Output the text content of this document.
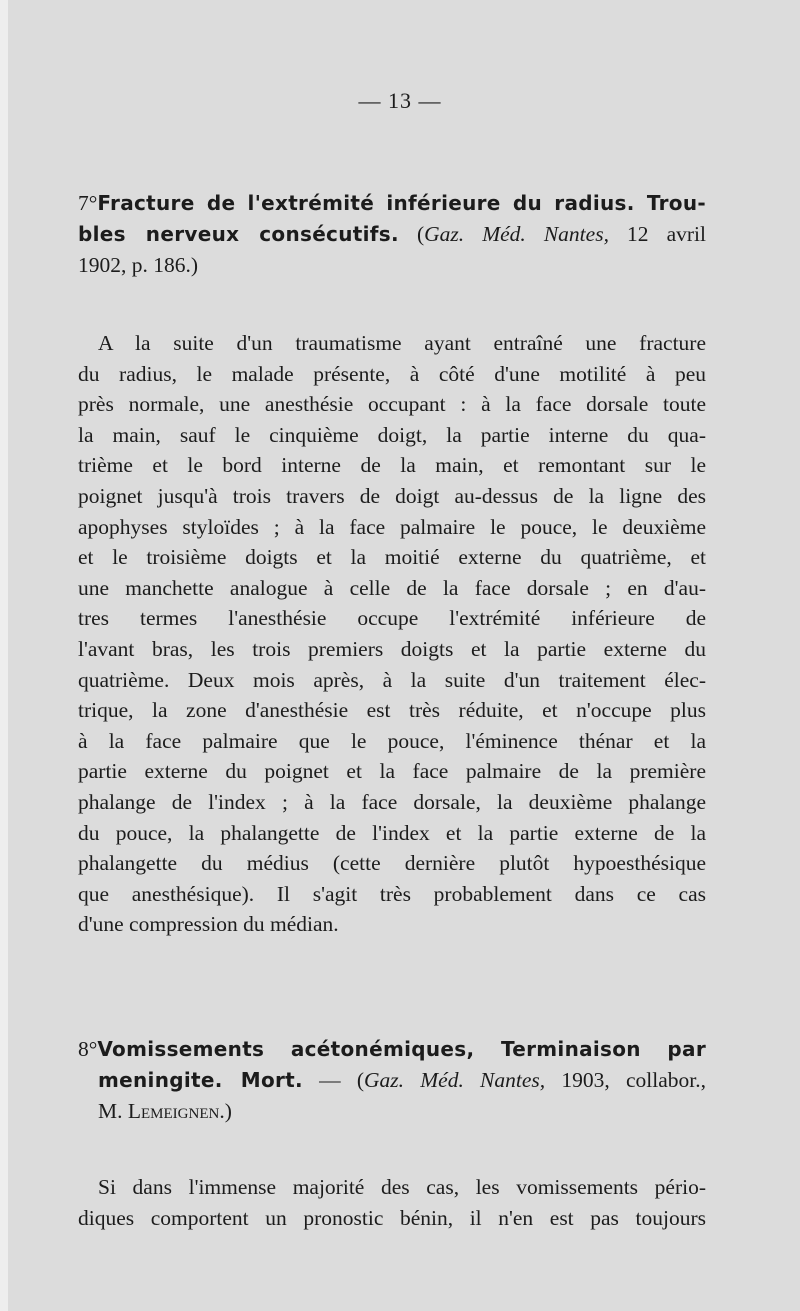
— 13 —
7°Fracture de l'extrémité inférieure du radius. Trou-
bles nerveux consécutifs. (Gaz. Méd. Nantes, 12 avril
1902, p. 186.)
A la suite d'un traumatisme ayant entraîné une fracture
du radius, le malade présente, à côté d'une motilité à peu
près normale, une anesthésie occupant : à la face dorsale toute
la main, sauf le cinquième doigt, la partie interne du qua-
trième et le bord interne de la main, et remontant sur le
poignet jusqu'à trois travers de doigt au-dessus de la ligne des
apophyses styloïdes ; à la face palmaire le pouce, le deuxième
et le troisième doigts et la moitié externe du quatrième, et
une manchette analogue à celle de la face dorsale ; en d'au-
tres termes l'anesthésie occupe l'extrémité inférieure de
l'avant bras, les trois premiers doigts et la partie externe du
quatrième. Deux mois après, à la suite d'un traitement élec-
trique, la zone d'anesthésie est très réduite, et n'occupe plus
à la face palmaire que le pouce, l'éminence thénar et la
partie externe du poignet et la face palmaire de la première
phalange de l'index ; à la face dorsale, la deuxième phalange
du pouce, la phalangette de l'index et la partie externe de la
phalangette du médius (cette dernière plutôt hypoesthésique
que anesthésique). Il s'agit très probablement dans ce cas
d'une compression du médian.
8°Vomissements acétonémiques, Terminaison par
meningite. Mort. — (Gaz. Méd. Nantes, 1903, collabor.,
M. Lemeignen.)
Si dans l'immense majorité des cas, les vomissements pério-
diques comportent un pronostic bénin, il n'en est pas toujours
